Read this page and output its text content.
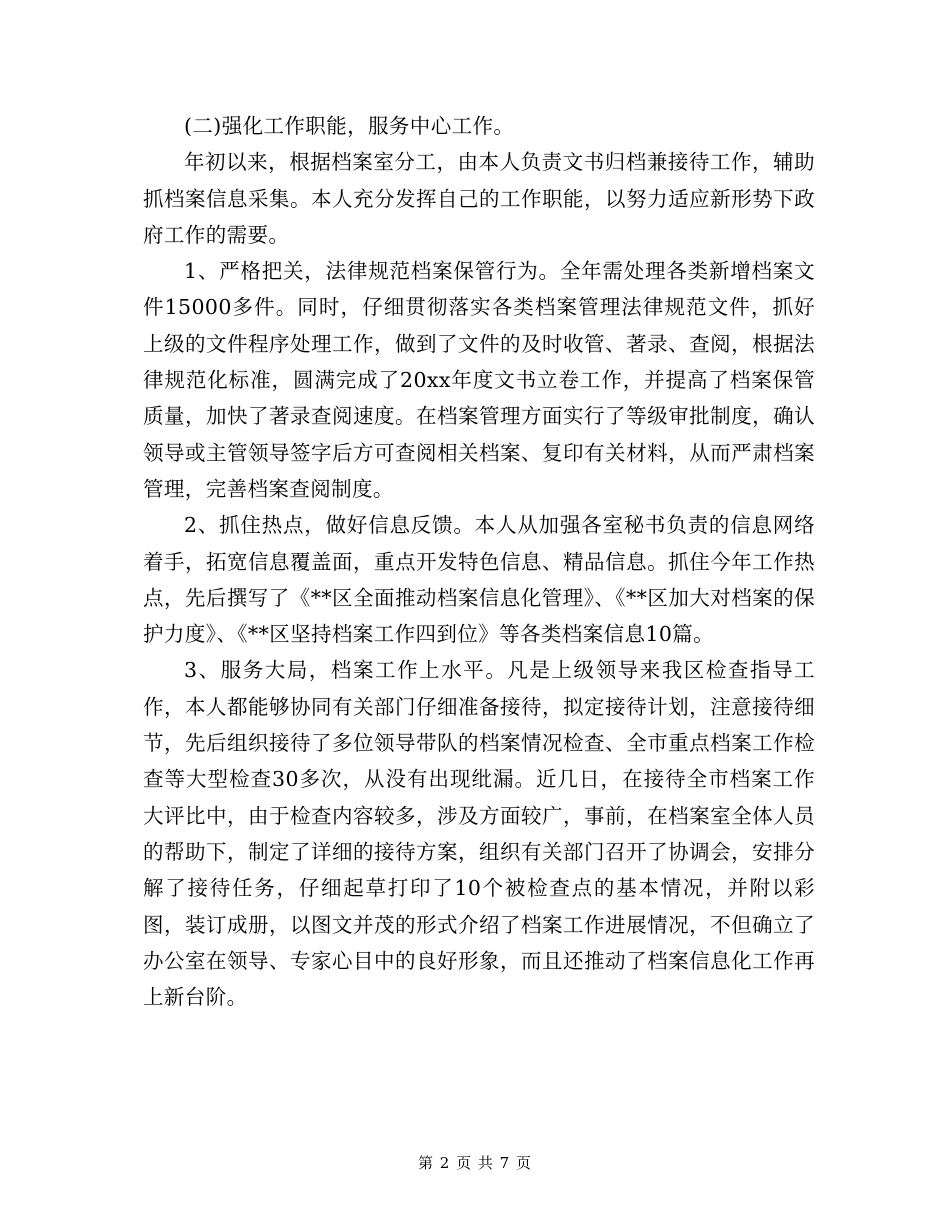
(二)强化工作职能，服务中心工作。

年初以来，根据档案室分工，由本人负责文书归档兼接待工作，辅助抓档案信息采集。本人充分发挥自己的工作职能，以努力适应新形势下政府工作的需要。

1、严格把关，法律规范档案保管行为。全年需处理各类新增档案文件15000多件。同时，仔细贯彻落实各类档案管理法律规范文件，抓好上级的文件程序处理工作，做到了文件的及时收管、著录、查阅，根据法律规范化标准，圆满完成了20xx年度文书立卷工作，并提高了档案保管质量，加快了著录查阅速度。在档案管理方面实行了等级审批制度，确认领导或主管领导签字后方可查阅相关档案、复印有关材料，从而严肃档案管理，完善档案查阅制度。

2、抓住热点，做好信息反馈。本人从加强各室秘书负责的信息网络着手，拓宽信息覆盖面，重点开发特色信息、精品信息。抓住今年工作热点，先后撰写了《**区全面推动档案信息化管理》、《**区加大对档案的保护力度》、《**区坚持档案工作四到位》等各类档案信息10篇。

3、服务大局，档案工作上水平。凡是上级领导来我区检查指导工作，本人都能够协同有关部门仔细准备接待，拟定接待计划，注意接待细节，先后组织接待了多位领导带队的档案情况检查、全市重点档案工作检查等大型检查30多次，从没有出现纰漏。近几日，在接待全市档案工作大评比中，由于检查内容较多，涉及方面较广，事前，在档案室全体人员的帮助下，制定了详细的接待方案，组织有关部门召开了协调会，安排分解了接待任务，仔细起草打印了10个被检查点的基本情况，并附以彩图，装订成册，以图文并茂的形式介绍了档案工作进展情况，不但确立了办公室在领导、专家心目中的良好形象，而且还推动了档案信息化工作再上新台阶。

第 2 页 共 7 页
